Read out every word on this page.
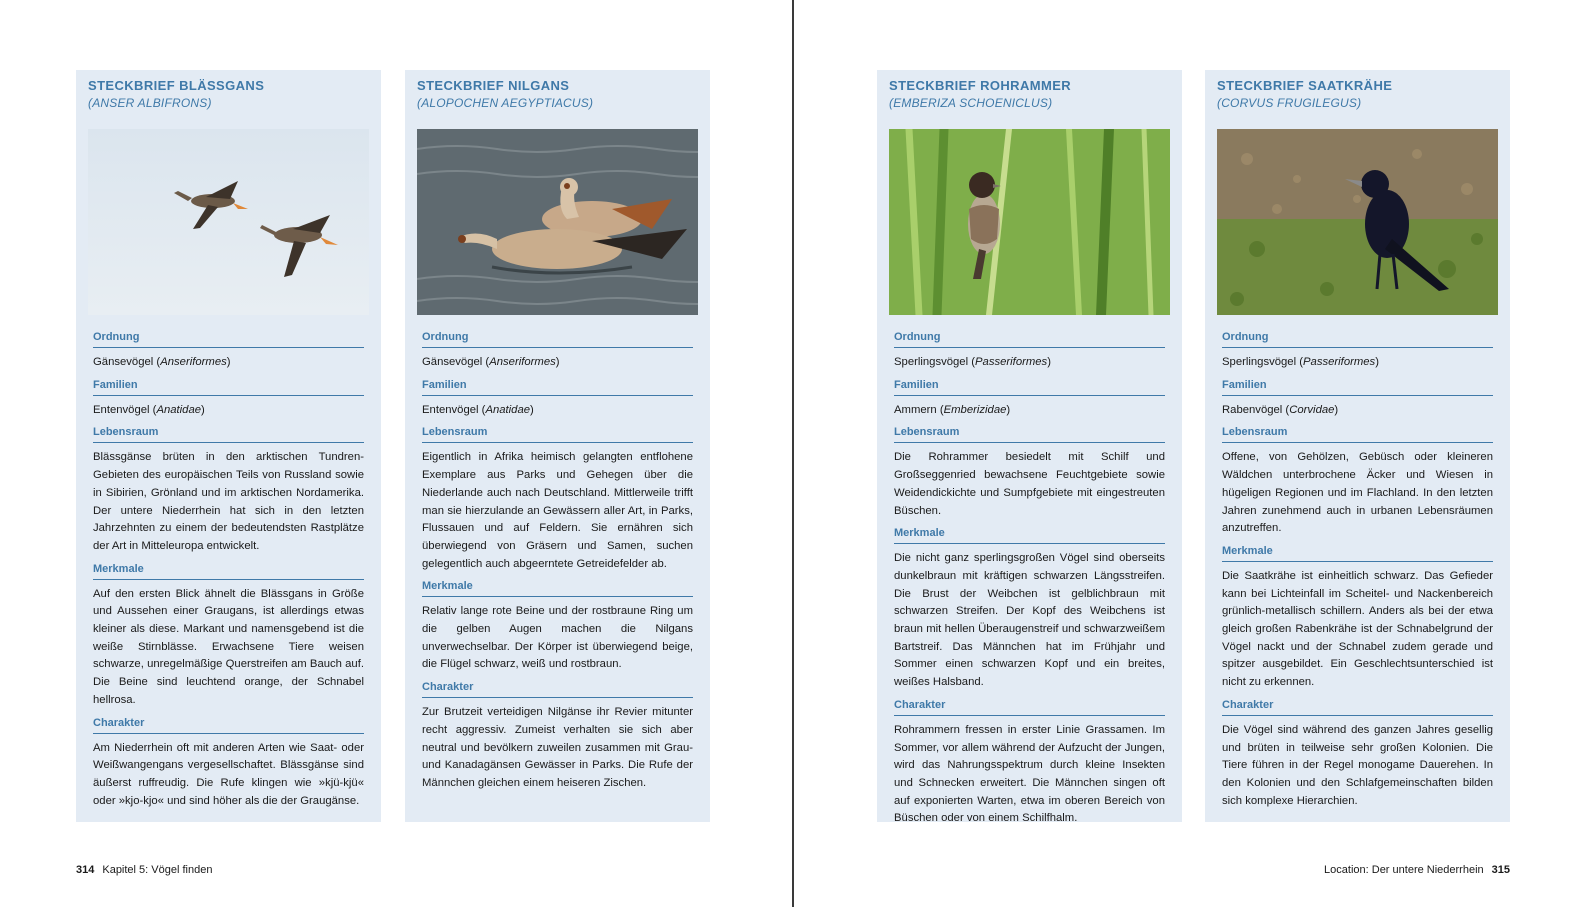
STECKBRIEF BLÄSSGANS
(ANSER ALBIFRONS)
Ordnung
Gänsevögel (Anseriformes)
Familien
Entenvögel (Anatidae)
Lebensraum
Blässgänse brüten in den arktischen Tundren-Gebieten des europäischen Teils von Russland sowie in Sibirien, Grönland und im arktischen Nordamerika. Der untere Niederrhein hat sich in den letzten Jahrzehnten zu einem der bedeutendsten Rastplätze der Art in Mitteleuropa entwickelt.
Merkmale
Auf den ersten Blick ähnelt die Blässgans in Größe und Aussehen einer Graugans, ist allerdings etwas kleiner als diese. Markant und namensgebend ist die weiße Stirnblässe. Erwachsene Tiere weisen schwarze, unregelmäßige Querstreifen am Bauch auf. Die Beine sind leuchtend orange, der Schnabel hellrosa.
Charakter
Am Niederrhein oft mit anderen Arten wie Saat- oder Weißwangengans vergesellschaftet. Blässgänse sind äußerst ruffreudig. Die Rufe klingen wie »kjü-kjü« oder »kjo-kjo« und sind höher als die der Graugänse.
STECKBRIEF NILGANS
(ALOPOCHEN AEGYPTIACUS)
Ordnung
Gänsevögel (Anseriformes)
Familien
Entenvögel (Anatidae)
Lebensraum
Eigentlich in Afrika heimisch gelangten entflohene Exemplare aus Parks und Gehegen über die Niederlande auch nach Deutschland. Mittlerweile trifft man sie hierzulande an Gewässern aller Art, in Parks, Flussauen und auf Feldern. Sie ernähren sich überwiegend von Gräsern und Samen, suchen gelegentlich auch abgeerntete Getreidefelder ab.
Merkmale
Relativ lange rote Beine und der rostbraune Ring um die gelben Augen machen die Nilgans unverwechselbar. Der Körper ist überwiegend beige, die Flügel schwarz, weiß und rostbraun.
Charakter
Zur Brutzeit verteidigen Nilgänse ihr Revier mitunter recht aggressiv. Zumeist verhalten sie sich aber neutral und bevölkern zuweilen zusammen mit Grau- und Kanadagänsen Gewässer in Parks. Die Rufe der Männchen gleichen einem heiseren Zischen.
STECKBRIEF ROHRAMMER
(EMBERIZA SCHOENICLUS)
Ordnung
Sperlingsvögel (Passeriformes)
Familien
Ammern (Emberizidae)
Lebensraum
Die Rohrammer besiedelt mit Schilf und Großseggenried bewachsene Feuchtgebiete sowie Weidendickichte und Sumpfgebiete mit eingestreuten Büschen.
Merkmale
Die nicht ganz sperlingsgroßen Vögel sind oberseits dunkelbraun mit kräftigen schwarzen Längsstreifen. Die Brust der Weibchen ist gelblichbraun mit schwarzen Streifen. Der Kopf des Weibchens ist braun mit hellen Überaugenstreif und schwarzweißem Bartstreif. Das Männchen hat im Frühjahr und Sommer einen schwarzen Kopf und ein breites, weißes Halsband.
Charakter
Rohrammern fressen in erster Linie Grassamen. Im Sommer, vor allem während der Aufzucht der Jungen, wird das Nahrungsspektrum durch kleine Insekten und Schnecken erweitert. Die Männchen singen oft auf exponierten Warten, etwa im oberen Bereich von Büschen oder von einem Schilfhalm.
STECKBRIEF SAATKRÄHE
(CORVUS FRUGILEGUS)
Ordnung
Sperlingsvögel (Passeriformes)
Familien
Rabenvögel (Corvidae)
Lebensraum
Offene, von Gehölzen, Gebüsch oder kleineren Wäldchen unterbrochene Äcker und Wiesen in hügeligen Regionen und im Flachland. In den letzten Jahren zunehmend auch in urbanen Lebensräumen anzutreffen.
Merkmale
Die Saatkrähe ist einheitlich schwarz. Das Gefieder kann bei Lichteinfall im Scheitel- und Nackenbereich grünlich-metallisch schillern. Anders als bei der etwa gleich großen Rabenkrähe ist der Schnabelgrund der Vögel nackt und der Schnabel zudem gerade und spitzer ausgebildet. Ein Geschlechtsunterschied ist nicht zu erkennen.
Charakter
Die Vögel sind während des ganzen Jahres gesellig und brüten in teilweise sehr großen Kolonien. Die Tiere führen in der Regel monogame Dauerehen. In den Kolonien und den Schlafgemeinschaften bilden sich komplexe Hierarchien.
314 Kapitel 5: Vögel finden	Location: Der untere Niederrhein 315
